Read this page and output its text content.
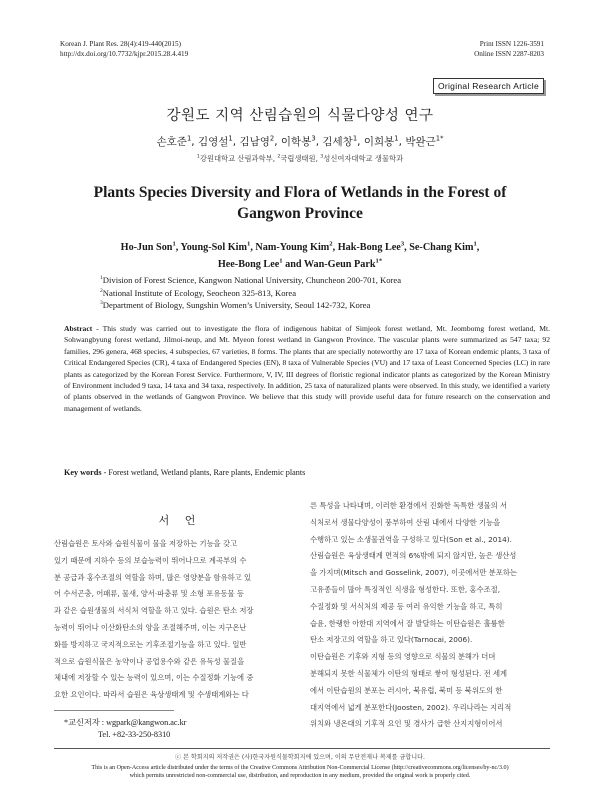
Korean J. Plant Res. 28(4):419-440(2015)
http://dx.doi.org/10.7732/kjpr.2015.28.4.419
Print ISSN 1226-3591
Online ISSN 2287-8203
Original Research Article
강원도 지역 산림습원의 식물다양성 연구
손호준$^1$, 김영설$^1$, 김남영$^2$, 이학봉$^3$, 김세창$^1$, 이희봉$^1$, 박완근$^{1*}$
$^1$강원대학교 산림과학부, $^2$국립생태원, $^3$성신여자대학교 생물학과
Plants Species Diversity and Flora of Wetlands in the Forest of
Gangwon Province
Ho-Jun Son$^1$, Young-Sol Kim$^1$, Nam-Young Kim$^2$, Hak-Bong Lee$^3$, Se-Chang Kim$^1$,
Hee-Bong Lee$^1$ and Wan-Geun Park$^{1*}$
$^1$Division of Forest Science, Kangwon National University, Chuncheon 200-701, Korea
$^2$National Institute of Ecology, Seocheon 325-813, Korea
$^3$Department of Biology, Sungshin Women’s University, Seoul 142-732, Korea
Abstract - This study was carried out to investigate the flora of indigenous habitat of Simjeok forest wetland, Mt. Jeombomg forest wetland, Mt. Sohwangbyung forest wetland, Jilmoi-neup, and Mt. Myeon forest wetland in Gangwon Province. The vascular plants were summarized as 547 taxa; 92 families, 296 genera, 468 species, 4 subspecies, 67 varieties, 8 forms. The plants that are specially noteworthy are 17 taxa of Korean endemic plants, 3 taxa of Critical Endangered Species (CR), 4 taxa of Endangered Species (EN), 8 taxa of Vulnerable Species (VU) and 17 taxa of Least Concerned Species (LC) in rare plants as categorized by the Korean Forest Service. Furthermore, V, IV, III degrees of floristic regional indicator plants as categorized by the Korean Ministry of Environment included 9 taxa, 14 taxa and 34 taxa, respectively. In addition, 25 taxa of naturalized plants were observed. In this study, we identified a variety of plants observed in the wetlands of Gangwon Province. We believe that this study will provide useful data for future research on the conservation and management of wetlands.
Key words - Forest wetland, Wetland plants, Rare plants, Endemic plants
서 언

산림습원은 토사와 습원식물이 물을 저장하는 기능을 갖고

있기 때문에 지하수 등의 보습능력이 뛰어나므로 계곡부의 수

분 공급과 홍수조절의 역할을 하며, 많은 영양분을 함유하고 있

어 수서곤충, 어패류, 물새, 양서·파충류 및 소형 포유동물 등

과 같은 습원생물의 서식처 역할을 하고 있다. 습원은 탄소 저장

능력이 뛰어나 이산화탄소의 양을 조절해주며, 이는 지구온난

화를 방지하고 국지적으로는 기후조절기능을 하고 있다. 일반

적으로 습원식물은 농약이나 공업용수와 같은 유독성 물질을

체내에 저장할 수 있는 능력이 있으며, 이는 수질정화 기능에 중

요한 요인이다. 따라서 습원은 육상생태계 및 수생태계와는 다

른 특성을 나타내며, 이러한 환경에서 진화한 독특한 생물의 서

식처로서 생물다양성이 풍부하여 산림 내에서 다양한 기능을

수행하고 있는 소생물권역을 구성하고 있다(Son et al., 2014).

산림습원은 육상생태계 면적의 6%밖에 되지 않지만, 높은 생산성

을 가지며(Mitsch and Gosselink, 2007), 이곳에서만 분포하는

고유종들이 많아 특징적인 식생을 형성한다. 또한, 홍수조절,

수질정화 및 서식처의 제공 등 여러 유익한 기능을 하고, 특히

습윤, 한랭한 아한대 지역에서 잘 발달하는 이탄습원은 훌륭한

탄소 저장고의 역할을 하고 있다(Tarnocai, 2006).

이탄습원은 기후와 지형 등의 영향으로 식물의 분해가 더뎌

분해되지 못한 식물체가 이탄의 형태로 쌓여 형성된다. 전 세계

에서 이탄습원의 분포는 러시아, 북유럽, 북미 등 북위도의 한

대지역에서 넓게 분포한다(Joosten, 2002). 우리나라는 지리적

위치와 냉온대의 기후적 요인 및 경사가 급한 산지지형이어서

*교신저자 : wgpark@kangwon.ac.kr
Tel. +82-33-250-8310
ⓒ 본 학회지의 저작권은 (사)한국자원식물학회지에 있으며, 이의 무단전재나 복제를 금합니다.
This is an Open-Access article distributed under the terms of the Creative Commons Attribution Non-Commercial License (http://creativecommons.org/licenses/by-nc/3.0)
which permits unrestricted non-commercial use, distribution, and reproduction in any medium, provided the original work is properly cited.
